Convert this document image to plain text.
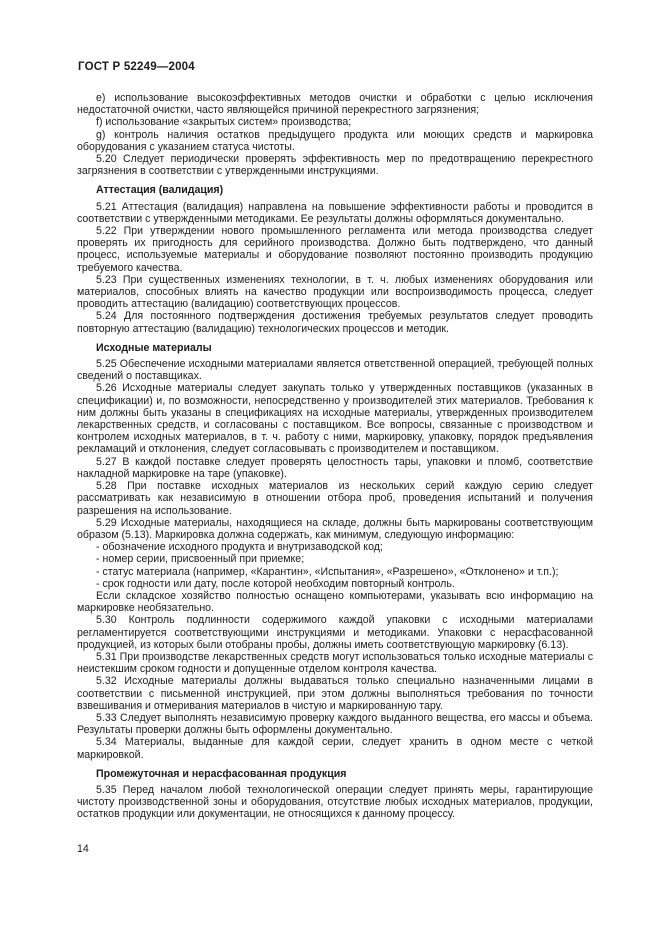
ГОСТ Р 52249—2004

e) использование высокоэффективных методов очистки и обработки с целью исключения недостаточной очистки, часто являющейся причиной перекрестного загрязнения;

f) использование «закрытых систем» производства;

g) контроль наличия остатков предыдущего продукта или моющих средств и маркировка оборудования с указанием статуса чистоты.

5.20 Следует периодически проверять эффективность мер по предотвращению перекрестного загрязнения в соответствии с утвержденными инструкциями.

Аттестация (валидация)

5.21 Аттестация (валидация) направлена на повышение эффективности работы и проводится в соответствии с утвержденными методиками. Ее результаты должны оформляться документально.

5.22 При утверждении нового промышленного регламента или метода производства следует проверять их пригодность для серийного производства. Должно быть подтверждено, что данный процесс, используемые материалы и оборудование позволяют постоянно производить продукцию требуемого качества.

5.23 При существенных изменениях технологии, в т. ч. любых изменениях оборудования или материалов, способных влиять на качество продукции или воспроизводимость процесса, следует проводить аттестацию (валидацию) соответствующих процессов.

5.24 Для постоянного подтверждения достижения требуемых результатов следует проводить повторную аттестацию (валидацию) технологических процессов и методик.

Исходные материалы

5.25 Обеспечение исходными материалами является ответственной операцией, требующей полных сведений о поставщиках.

5.26 Исходные материалы следует закупать только у утвержденных поставщиков (указанных в спецификации) и, по возможности, непосредственно у производителей этих материалов. Требования к ним должны быть указаны в спецификациях на исходные материалы, утвержденных производителем лекарственных средств, и согласованы с поставщиком. Все вопросы, связанные с производством и контролем исходных материалов, в т. ч. работу с ними, маркировку, упаковку, порядок предъявления рекламаций и отклонения, следует согласовывать с производителем и поставщиком.

5.27 В каждой поставке следует проверять целостность тары, упаковки и пломб, соответствие накладной маркировке на таре (упаковке).

5.28 При поставке исходных материалов из нескольких серий каждую серию следует рассматривать как независимую в отношении отбора проб, проведения испытаний и получения разрешения на использование.

5.29 Исходные материалы, находящиеся на складе, должны быть маркированы соответствующим образом (5.13). Маркировка должна содержать, как минимум, следующую информацию:

- обозначение исходного продукта и внутризаводской код;

- номер серии, присвоенный при приемке;

- статус материала (например, «Карантин», «Испытания», «Разрешено», «Отклонено» и т.п.);

- срок годности или дату, после которой необходим повторный контроль.

Если складское хозяйство полностью оснащено компьютерами, указывать всю информацию на маркировке необязательно.

5.30 Контроль подлинности содержимого каждой упаковки с исходными материалами регламентируется соответствующими инструкциями и методиками. Упаковки с нерасфасованной продукцией, из которых были отобраны пробы, должны иметь соответствующую маркировку (6.13).

5.31 При производстве лекарственных средств могут использоваться только исходные материалы с неистекшим сроком годности и допущенные отделом контроля качества.

5.32 Исходные материалы должны выдаваться только специально назначенными лицами в соответствии с письменной инструкцией, при этом должны выполняться требования по точности взвешивания и отмеривания материалов в чистую и маркированную тару.

5.33 Следует выполнять независимую проверку каждого выданного вещества, его массы и объема. Результаты проверки должны быть оформлены документально.

5.34 Материалы, выданные для каждой серии, следует хранить в одном месте с четкой маркировкой.

Промежуточная и нерасфасованная продукция

5.35 Перед началом любой технологической операции следует принять меры, гарантирующие чистоту производственной зоны и оборудования, отсутствие любых исходных материалов, продукции, остатков продукции или документации, не относящихся к данному процессу.

14
